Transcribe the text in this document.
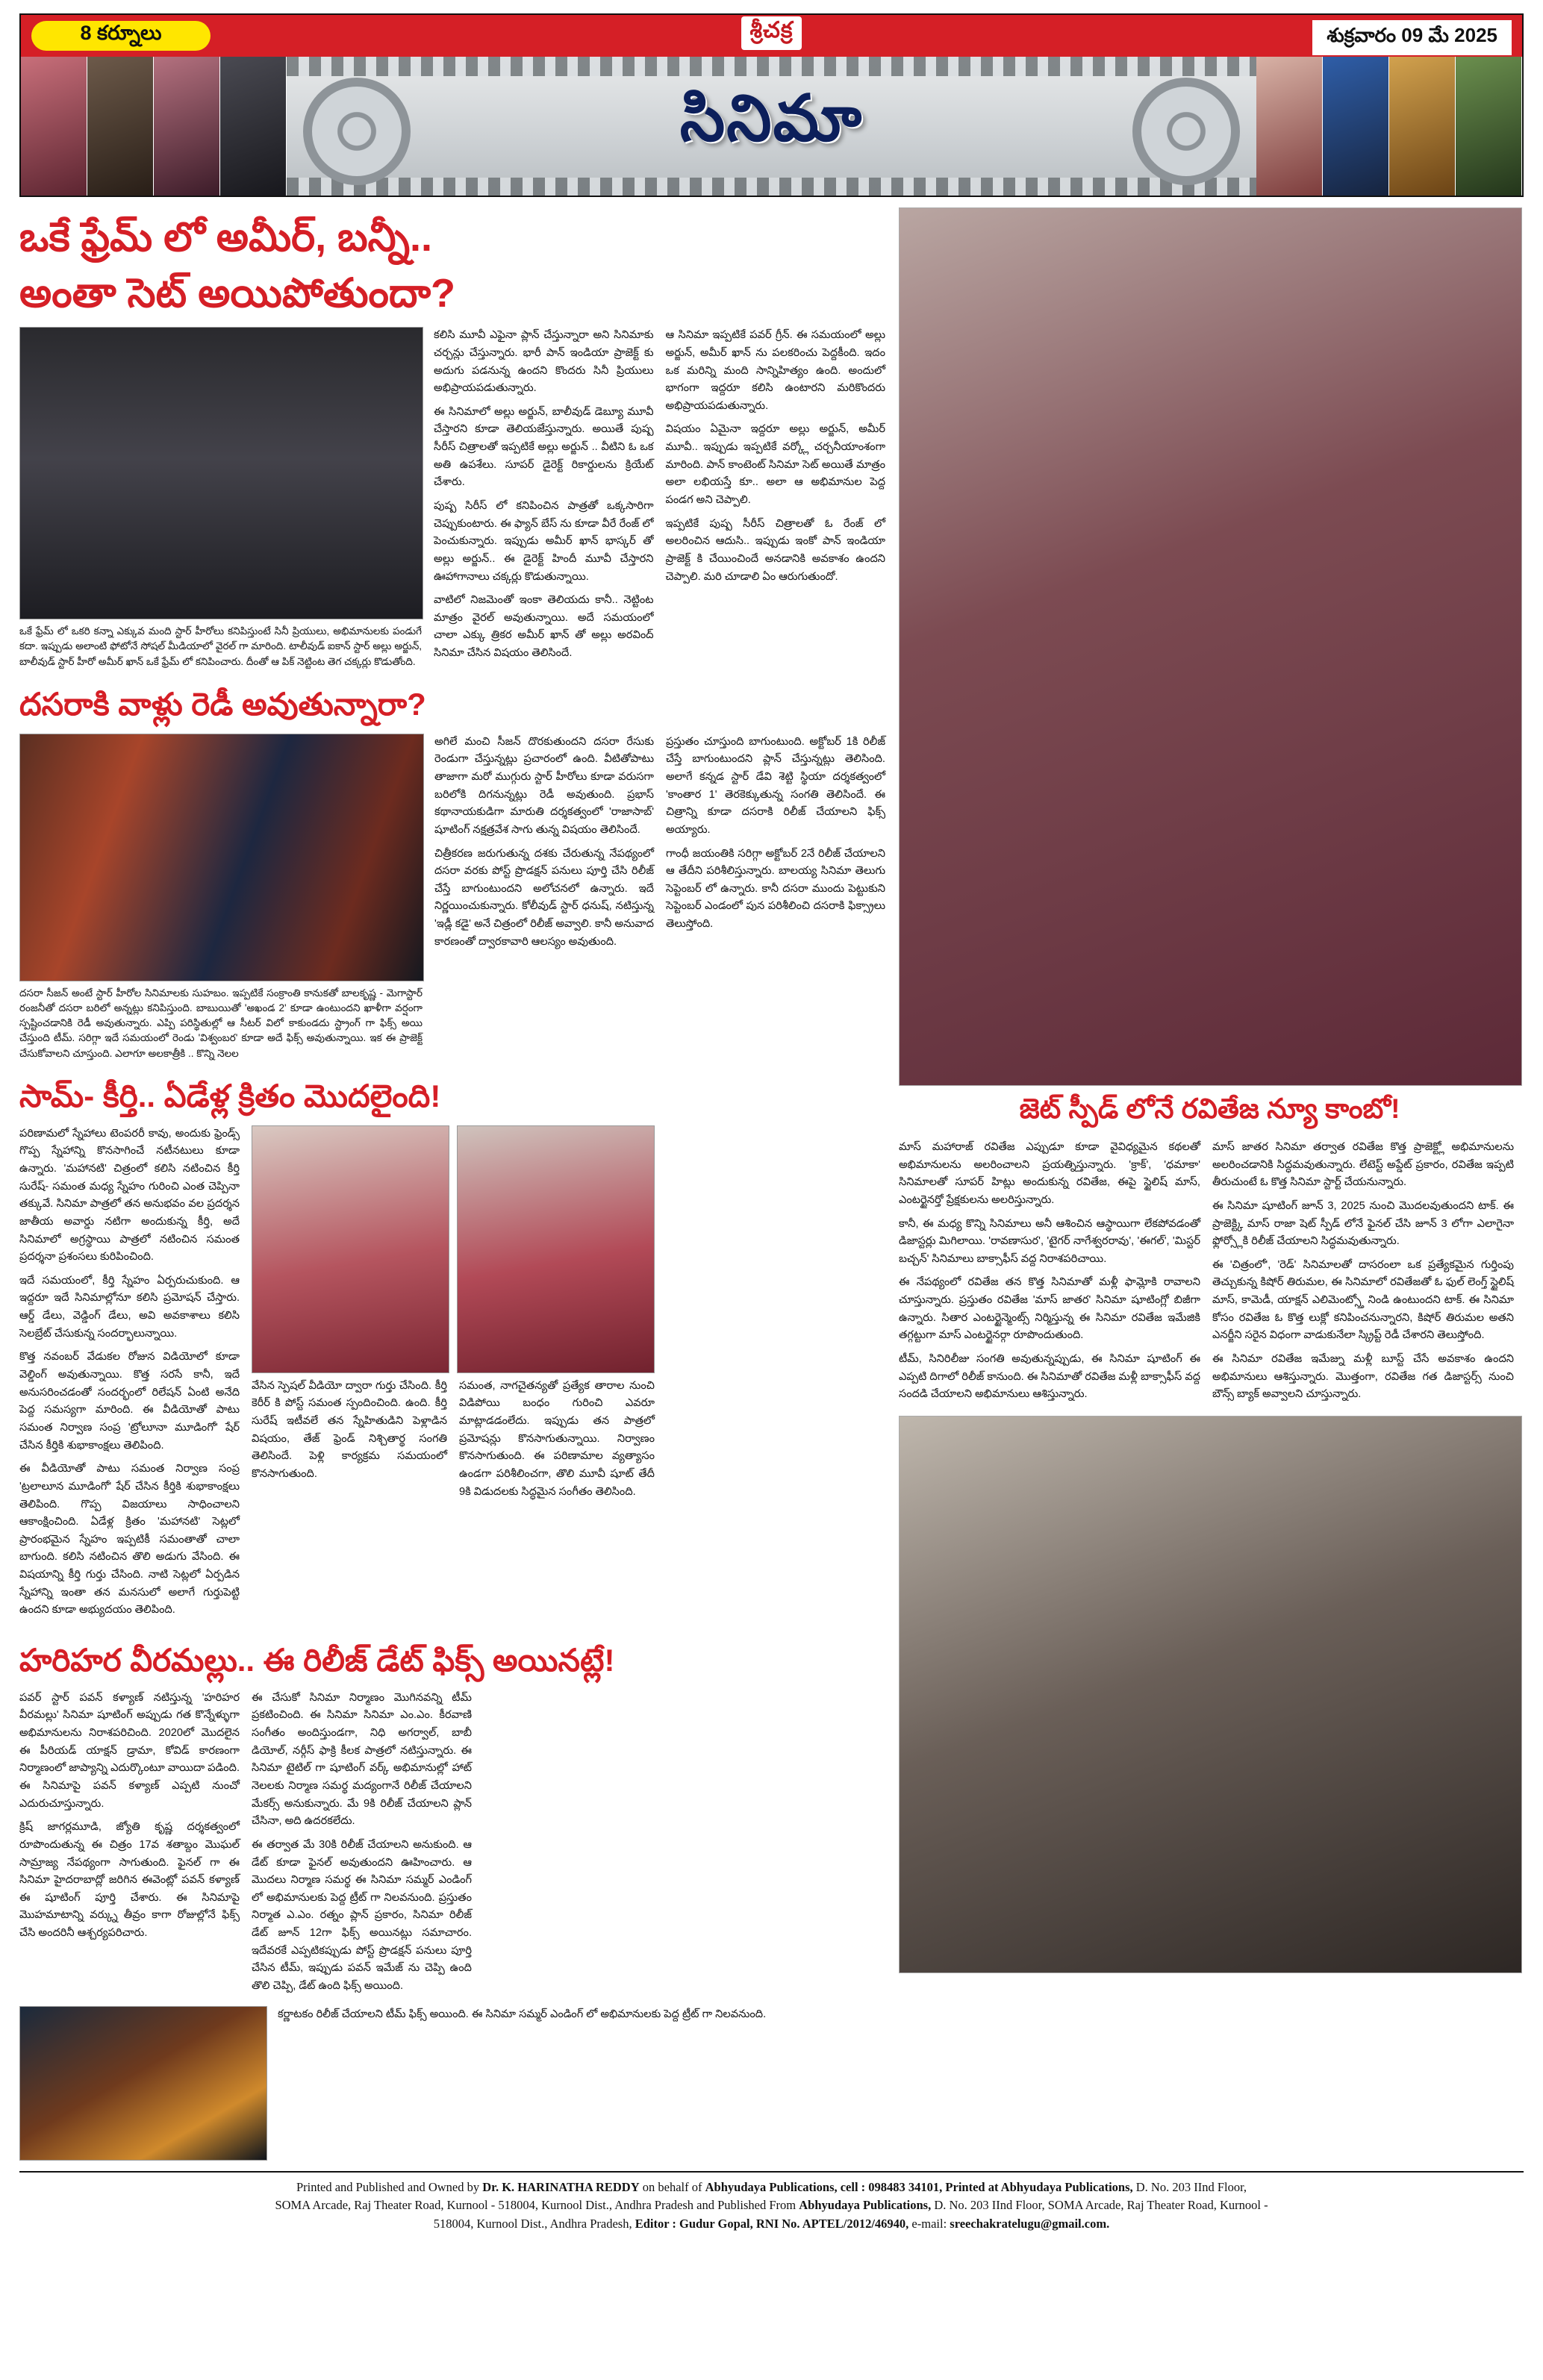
8 కర్నూలు	శ్రీచక్ర	శుక్రవారం 09 మే 2025
సినిమా
ఒకే ఫ్రేమ్ లో అమీర్, బన్నీ..
అంతా సెట్ అయిపోతుందా?
ఒకే ఫ్రేమ్ లో ఒకరి కన్నా ఎక్కువ మంది స్టార్ హీరోలు కనిపిస్తుంటే సినీ ప్రియులు, అభిమానులకు పండుగే కదా. ఇప్పుడు అలాంటి ఫోటోనే సోషల్ మీడియాలో వైరల్ గా మారింది. టాలీవుడ్ ఐకాన్ స్టార్ అల్లు అర్జున్, బాలీవుడ్ స్టార్ హీరో అమీర్ ఖాన్ ఒకే ఫ్రేమ్ లో కనిపించారు. దీంతో ఆ పిక్ నెట్టింట తెగ చక్కర్లు కొడుతోంది.

కలిసి మూవీ ఎఫైనా ప్లాన్ చేస్తున్నారా అని సినిమాకు చర్చన్లు చేస్తున్నారు. భారీ పాన్ ఇండియా ప్రాజెక్ట్ కు అదుగు పడనున్న ఉందని కొందరు సినీ ప్రియులు అభిప్రాయపడుతున్నారు.

ఈ సినిమాలో అల్లు అర్జున్, బాలీవుడ్ డెబ్యూ మూవీ చేస్తారని కూడా తెలియజేస్తున్నారు. అయితే పుష్ప సీరీస్ చిత్రాలతో ఇప్పటికే అల్లు అర్జున్ .. వీటిని ఓ ఒక అతి ఉపశేలు. సూపర్ డైరెక్ట్ రికార్డులను క్రియేట్ చేశారు.

పుష్ప సిరీస్ లో కనిపించిన పాత్రతో ఒక్కసారిగా చెప్పుకుంటారు. ఈ ఫ్యాన్ బేస్ ను కూడా వీరే రేంజ్ లో పెంచుకున్నారు. ఇప్పుడు అమీర్ ఖాన్ భాస్కర్ తో అల్లు అర్జున్.. ఈ డైరెక్ట్ హిందీ మూవీ చేస్తారని ఊహాగానాలు చక్కర్లు కొడుతున్నాయి.

వాటిలో నిజమెంతో ఇంకా తెలియదు కానీ.. నెట్టింట మాత్రం వైరల్ అవుతున్నాయి. అదే సమయంలో చాలా ఎక్కు త్రికర అమీర్ ఖాన్ తో అల్లు అరవింద్ సినిమా చేసిన విషయం తెలిసిందే.

ఆ సినిమా ఇప్పటికే పవర్ గ్రీన్. ఈ సమయంలో అల్లు అర్జున్, అమీర్ ఖాన్ ను పలకరించు పెద్దకీంది. ఇదం ఒక మరిన్ని మంది సాన్నిహిత్యం ఉంది. అందులో భాగంగా ఇద్దరూ కలిసి ఉంటారని మరికొందరు అభిప్రాయపడుతున్నారు.

విషయం ఏమైనా ఇద్దరూ అల్లు అర్జున్, అమీర్ మూవీ.. ఇప్పుడు ఇప్పటికే వర్క్లో చర్చనీయాంశంగా మారింది. పాన్ కాంటెంట్ సినిమా సెట్ అయితే మాత్రం అలా లభియస్తే కూ.. అలా ఆ అభిమానుల పెద్ద పండగ అని చెప్పాలి.

ఇప్పటికే పుష్ప సీరీస్ చిత్రాలతో ఓ రేంజ్ లో అలరించిన ఆదుసి.. ఇప్పుడు ఇంకో పాన్ ఇండియా ప్రాజెక్ట్ కి చేయించిందే అనడానికి అవకాశం ఉందని చెప్పాలి. మరి చూడాలి ఏం ఆరుగుతుందో.

దసరాకి వాళ్లు రెడీ అవుతున్నారా?
దసరా సీజన్ అంటే స్టార్ హీరోల సినిమాలకు సుహబం. ఇప్పటికే సంక్రాంతి కానుకతో బాలకృష్ణ - మెగాస్టార్ రంజనీతో దసరా బరిలో అన్నట్లు కనిపిస్తుంది. బాబుయితో 'అఖండ 2' కూడా ఉంటుందని ఖాళీగా వర్షంగా స్పష్టించడానికి రెడీ అవుతున్నారు. ఎప్పి పరిస్థితుల్లో ఆ సీటర్ విలో కాకుండదు స్ట్రాంగ్ గా ఫిక్స్ అయి చేస్తుంది టీమ్. సరిగ్గా ఇదే సమయంలో రెండు 'విశ్వంబర' కూడా అదే ఫిక్స్ అవుతున్నాయి. ఇక ఈ ప్రాజెక్ట్ చేసుకోవాలని చూస్తుంది. ఎలాగూ అలకాత్రీకి .. కొన్ని నెలల

అగిలే మంచి సీజన్ దొరకుతుందని దసరా రేసుకు రెండుగా చేస్తున్నట్లు ప్రచారంలో ఉంది. వీటితోపాటు తాజాగా మరో ముగ్గురు స్టార్ హీరోలు కూడా వరుసగా బరిలోకి దిగనున్నట్లు రెడీ అవుతుంది. ప్రభాస్ కథానాయకుడిగా మారుతి దర్శకత్వంలో 'రాజాసాబ్' షూటింగ్ నక్షత్రవేశ సాగు తున్న విషయం తెలిసిందే.

చిత్రీకరణ జరుగుతున్న దశకు చేరుతున్న నేపథ్యంలో దసరా వరకు పోస్ట్ ప్రొడక్షన్ పనులు పూర్తి చేసి రిలీజ్ చేస్తే బాగుంటుందని అలోచనలో ఉన్నారు. ఇదే నిర్ణయించుకున్నారు. కోలీవుడ్ స్టార్ ధనుష్, నటిస్తున్న 'ఇడ్లీ కడై' అనే చిత్రంలో రిలీజ్ అవ్వాలి. కానీ అనువాద కారణంతో ద్వారకావారి ఆలస్యం అవుతుంది.

ప్రస్తుతం చూస్తుంది బాగుంటుంది. అక్టోబర్ 1కి రిలీజ్ చేస్తే బాగుంటుందని ప్లాన్ చేస్తున్నట్లు తెలిసింది. అలాగే కన్నడ స్టార్ డేవి శెట్టి స్థియా దర్శకత్వంలో 'కాంతార 1' తెరకెక్కుతున్న సంగతి తెలిసిందే. ఈ చిత్రాన్ని కూడా దసరాకి రిలీజ్ చేయాలని ఫిక్స్ అయ్యారు.

గాంధీ జయంతికి సరిగ్గా అక్టోబర్ 2నే రిలీజ్ చేయాలని ఆ తేదీని పరిశీలిస్తున్నారు. బాలయ్య సినిమా తెలుగు సెప్టెంబర్ లో ఉన్నారు. కానీ దసరా ముందు పెట్టుకుని సెప్టెంబర్ ఎండంలో పున పరిశీలించి దసరాకి ఫిక్స్రాలు తెలుస్తోంది.

సామ్- కీర్తి.. ఏడేళ్ల క్రితం మొదలైంది!

పరిణామలో స్నేహాలు టెంపరరీ కావు, అందుకు ఫ్రెండ్స్ గొప్ప స్నేహాన్ని కొనసాగించే నటీనటులు కూడా ఉన్నారు. 'మహానటి' చిత్రంలో కలిసి నటించిన కీర్తి సురేష్- సమంత మధ్య స్నేహం గురించి ఎంత చెప్పినా తక్కువే. సినిమా పాత్రలో తన అనుభవం వల ప్రదర్శన జాతీయ అవార్డు నటిగా అందుకున్న కీర్తి, అదే సినిమాలో అగ్రస్థాయి పాత్రలో నటించిన సమంత ప్రదర్శనా ప్రశంసలు కురిపించింది.

ఇదే సమయంలో, కీర్తి స్నేహం ఏర్పరుచుకుంది. ఆ ఇద్దరూ ఇదే సినిమాల్లోనూ కలిసి ప్రమోషన్ చేస్తారు. ఆర్డ్ డేలు, వెడ్డింగ్ డేలు, అవి అవకాశాలు కలిసి సెలబ్రేట్ చేసుకున్న సందర్భాలున్నాయి.

కొత్త నవంబర్ వేడుకల రోజున విడియోలో కూడా వెల్డింగ్ అవుతున్నాయి. కొత్త సరసే కానీ, ఇదే అనుసరించడంతో సందర్భంలో రిలేషన్ ఏంటి అనేది పెద్ద సమస్యగా మారింది. ఈ వీడియోతో పాటు సమంత నిర్వాణ సంప్ర 'ట్రోలూనా మూడింగో' షేర్ చేసిన కీర్తికి శుభాకాంక్షలు తెలిపింది.

ఈ వీడియోతో పాటు సమంత నిర్వాణ సంప్ర 'ట్రలాలూన మూడింగో' షేర్ చేసిన కీర్తికి శుభాకాంక్షలు తెలిపింది. గొప్ప విజయాలు సాధించాలని ఆకాంక్షించింది. ఏడేళ్ల క్రితం 'మహానటి' సెట్లలో ప్రారంభమైన స్నేహం ఇప్పటికీ సమంతాతో చాలా బాగుంది. కలిసి నటించిన తొలి అడుగు వేసింది. ఈ విషయాన్ని కీర్తి గుర్తు చేసింది. నాటి సెట్లలో ఏర్పడిన స్నేహాన్ని ఇంతా తన మనసులో అలాగే గుర్తుపెట్టి ఉందని కూడా అభ్యుదయం తెలిపింది.

వేసిన స్పెషల్ వీడియో ద్వారా గుర్తు చేసింది. కీర్తి కెరీర్ కి పోస్ట్ సమంత స్పందించింది. ఉంది. కీర్తి సురేష్ ఇటీవలే తన స్నేహితుడిని పెళ్లాడిన విషయం, తేజ్ ఫ్రెండ్ నిశ్చితార్థ సంగతి తెలిసిందే. పెళ్లి కార్యక్రమ సమయంలో కొనసాగుతుంది.

సమంత, నాగచైతన్యతో ప్రత్యేక తారాల నుంచి విడిపోయి బంధం గురించి ఎవరూ మాట్లాడడంలేదు. ఇప్పుడు తన పాత్రలో ప్రమోషన్లు కొనసాగుతున్నాయి. నిర్వాణం కొనసాగుతుంది. ఈ పరిణామాల వ్యత్యాసం ఉండగా పరిశీలించగా, తొలి మూవీ షూట్ తేదీ 9కి విడుదలకు సిద్ధమైన సంగీతం తెలిసింది.

హరిహర వీరమల్లు.. ఈ రిలీజ్ డేట్ ఫిక్స్ అయినట్లే!

పవర్ స్టార్ పవన్ కళ్యాణ్ నటిస్తున్న 'హరిహర వీరమల్లు' సినిమా షూటింగ్ అప్పుడు గత కొన్నేళ్ళుగా అభిమానులను నిరాశపరిచింది. 2020లో మొదలైన ఈ పీరియడ్ యాక్షన్ డ్రామా, కోవిడ్ కారణంగా నిర్మాణంలో జాప్యాన్ని ఎదుర్కొంటూ వాయిదా పడింది. ఈ సినిమాపై పవన్ కళ్యాణ్ ఎప్పటి నుంచో ఎదురుచూస్తున్నారు.

క్రిష్ జాగర్లమూడి, జ్యోతి కృష్ణ దర్శకత్వంలో రూపొందుతున్న ఈ చిత్రం 17వ శతాబ్దం మొఘల్ సామ్రాజ్య నేపథ్యంగా సాగుతుంది. ఫైనల్ గా ఈ సినిమా హైదరాబాద్లో జరిగిన ఈవెంట్లో పవన్ కళ్యాణ్ ఈ షూటింగ్ పూర్తి చేశారు. ఈ సినిమాపై మొహమాటాన్ని వర్క్ను తీవ్రం కాగా రోజుల్లోనే ఫిక్స్ చేసి అందరినీ ఆశ్చర్యపరిచారు.

ఈ చేసుకో సినిమా నిర్మాణం మొగినవన్ని టీమ్ ప్రకటించింది. ఈ సినిమా సినిమా ఎం.ఎం. కీరవాణి సంగీతం అందిస్తుండగా, నిధి అగర్వాల్, బాబీ డియోల్, నర్గీస్ ఫాక్రి కీలక పాత్రలో నటిస్తున్నారు. ఈ సినిమా టైటిల్ గా షూటింగ్ వర్క్ అభిమానుల్లో హాట్ నెలలకు నిర్మాణ సమర్థ మద్యంగానే రిలీజ్ చేయాలని మేకర్స్ అనుకున్నారు. మే 9కి రిలీజ్ చేయాలని ప్లాన్ చేసినా, అది ఉదరకలేదు.

ఈ తర్వాత మే 30కి రిలీజ్ చేయాలని అనుకుంది. ఆ డేట్ కూడా ఫైనల్ అవుతుందని ఊహించారు. ఆ మొదలు నిర్మాణ సమర్థ ఈ సినిమా సమ్మర్ ఎండింగ్ లో అభిమానులకు పెద్ద ట్రీట్ గా నిలవనుంది. ప్రస్తుతం నిర్మాత ఎ.ఎం. రత్నం ప్లాన్ ప్రకారం, సినిమా రిలీజ్ డేట్ జూన్ 12గా ఫిక్స్ అయినట్లు సమాచారం. ఇదేవరకే ఎప్పటికప్పుడు పోస్ట్ ప్రొడక్షన్ పనులు పూర్తి చేసిన టీమ్, ఇప్పుడు పవన్ ఇమేజ్ ను చెప్పి ఉంది తొలి చెప్పి, డేట్ ఉంది ఫిక్స్ అయింది.

కర్ణాటకం రిలీజ్ చేయాలని టీమ్ ఫిక్స్ అయింది. ఈ సినిమా సమ్మర్ ఎండింగ్ లో అభిమానులకు పెద్ద ట్రీట్ గా నిలవనుంది.

జెట్ స్పీడ్ లోనే రవితేజ న్యూ కాంబో!

మాస్ మహారాజ్ రవితేజ ఎప్పుడూ కూడా వైవిధ్యమైన కథలతో అభిమానులను అలరించాలని ప్రయత్నిస్తున్నారు. 'క్రాక్', 'ధమాకా' సినిమాలతో సూపర్ హిట్లు అందుకున్న రవితేజ, ఈపై స్టైలిష్ మాస్, ఎంటర్టైనర్తో ప్రేక్షకులను అలరిస్తున్నారు.

కానీ, ఈ మధ్య కొన్ని సినిమాలు అనీ ఆశించిన ఆస్థాయిగా లేకపోవడంతో డిజాస్టర్లు మిగిలాయి. 'రావణాసుర', 'టైగర్ నాగేశ్వరరావు', 'ఈగల్', 'మిస్టర్ బచ్చన్' సినిమాలు బాక్సాఫీస్ వద్ద నిరాశపరిచాయి.

ఈ నేపథ్యంలో రవితేజ తన కొత్త సినిమాతో మళ్లీ ఫామ్లోకి రావాలని చూస్తున్నారు. ప్రస్తుతం రవితేజ 'మాస్ జాతర' సినిమా షూటింగ్లో బిజీగా ఉన్నారు. సితార ఎంటర్టైన్మెంట్స్ నిర్మిస్తున్న ఈ సినిమా రవితేజ ఇమేజికి తగ్గట్టుగా మాస్ ఎంటర్టైనర్గా రూపొందుతుంది.

టీమ్, సినిరిలీజు సంగతి అవుతున్నప్పుడు, ఈ సినిమా షూటింగ్ ఈ ఎప్పటి దిగాలో రిలీజ్ కానుంది. ఈ సినిమాతో రవితేజ మళ్లీ బాక్సాఫీస్ వద్ద సందడి చేయాలని అభిమానులు ఆశిస్తున్నారు.

మాస్ జాతర సినిమా తర్వాత రవితేజ కొత్త ప్రాజెక్ట్లో అభిమానులను అలరించడానికి సిద్ధమవుతున్నారు. లేటెస్ట్ అప్డేట్ ప్రకారం, రవితేజ ఇప్పటి తీరుచుంటే ఓ కొత్త సినిమా స్టార్ట్ చేయనున్నారు.

ఈ సినిమా షూటింగ్ జూన్ 3, 2025 నుంచి మొదలవుతుందని టాక్. ఈ ప్రాజెక్ట్కి మాస్ రాజా షెట్ స్పీడ్ లోనే ఫైనల్ చేసి జూన్ 3 లోగా ఎలాగైనా ఫ్లోర్స్లోకి రిలీజ్ చేయాలని సిద్ధమవుతున్నారు.

ఈ 'చిత్రంలో', 'రెడ్' సినిమాలతో దాసరంలా ఒక ప్రత్యేకమైన గుర్తింపు తెచ్చుకున్న కిషోర్ తిరుమల, ఈ సినిమాలో రవితేజతో ఓ ఫుల్ లెంగ్త్ స్టైలిష్ మాస్, కామెడీ, యాక్షన్ ఎలిమెంట్స్తో నిండి ఉంటుందని టాక్. ఈ సినిమా కోసం రవితేజ ఓ కొత్త లుక్లో కనిపించనున్నారని, కిషోర్ తిరుమల అతని ఎనర్జీని సరైన విధంగా వాడుకునేలా స్క్రిప్ట్ రెడీ చేశారని తెలుస్తోంది.

ఈ సినిమా రవితేజ ఇమేజ్ను మళ్లీ బూస్ట్ చేసే అవకాశం ఉందని అభిమానులు ఆశిస్తున్నారు. మొత్తంగా, రవితేజ గత డిజాస్టర్స్ నుంచి బౌన్స్ బ్యాక్ అవ్వాలని చూస్తున్నారు.

Printed and Published and Owned by Dr. K. HARINATHA REDDY on behalf of Abhyudaya Publications, cell : 098483 34101, Printed at Abhyudaya Publications, D. No. 203 IInd Floor,
SOMA Arcade, Raj Theater Road, Kurnool - 518004, Kurnool Dist., Andhra Pradesh and Published From Abhyudaya Publications, D. No. 203 IInd Floor, SOMA Arcade, Raj Theater Road, Kurnool -
518004, Kurnool Dist., Andhra Pradesh, Editor : Gudur Gopal, RNI No. APTEL/2012/46940, e-mail: sreechakratelugu@gmail.com.
